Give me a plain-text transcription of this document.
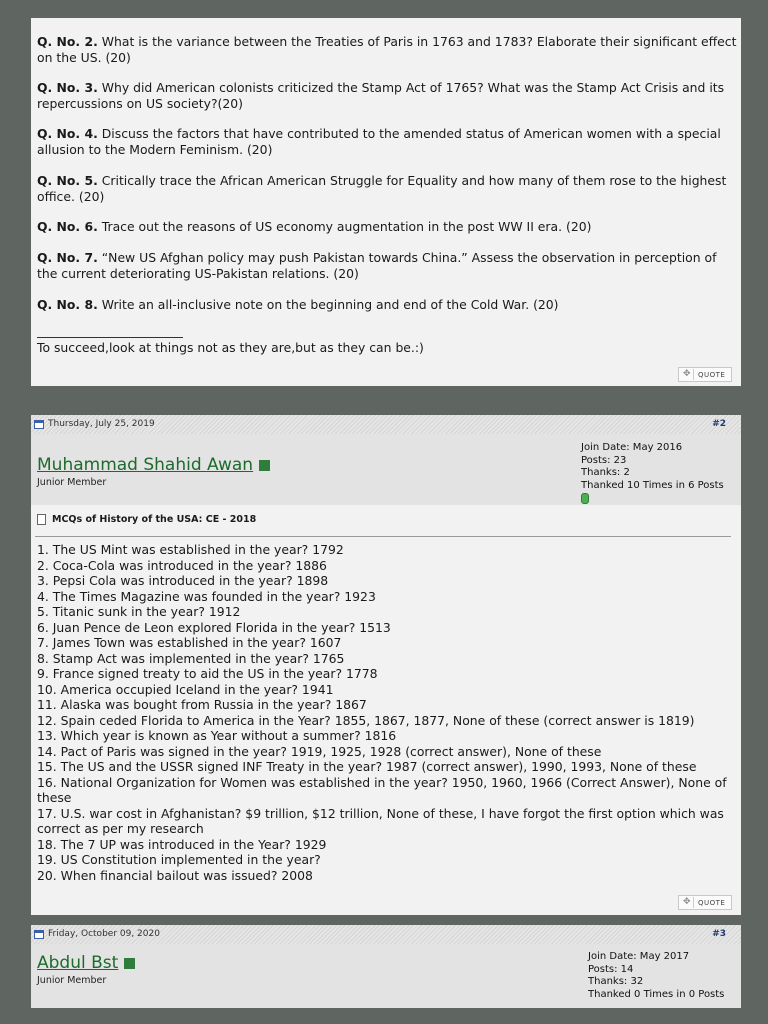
Q. No. 2. What is the variance between the Treaties of Paris in 1763 and 1783? Elaborate their significant effect on the US. (20)

Q. No. 3. Why did American colonists criticized the Stamp Act of 1765? What was the Stamp Act Crisis and its repercussions on US society?(20)

Q. No. 4. Discuss the factors that have contributed to the amended status of American women with a special allusion to the Modern Feminism. (20)

Q. No. 5. Critically trace the African American Struggle for Equality and how many of them rose to the highest office. (20)

Q. No. 6. Trace out the reasons of US economy augmentation in the post WW II era. (20)

Q. No. 7. “New US Afghan policy may push Pakistan towards China.” Assess the observation in perception of the current deteriorating US-Pakistan relations. (20)

Q. No. 8. Write an all-inclusive note on the beginning and end of the Cold War. (20)

To succeed,look at things not as they are,but as they can be.:)
✥ QUOTE
Thursday, July 25, 2019	#2
Muhammad Shahid Awan
Junior Member
Join Date: May 2016
Posts: 23
Thanks: 2
Thanked 10 Times in 6 Posts
MCQs of History of the USA: CE - 2018
1. The US Mint was established in the year? 1792
2. Coca-Cola was introduced in the year? 1886
3. Pepsi Cola was introduced in the year? 1898
4. The Times Magazine was founded in the year? 1923
5. Titanic sunk in the year? 1912
6. Juan Pence de Leon explored Florida in the year? 1513
7. James Town was established in the year? 1607
8. Stamp Act was implemented in the year? 1765
9. France signed treaty to aid the US in the year? 1778
10. America occupied Iceland in the year? 1941
11. Alaska was bought from Russia in the year? 1867
12. Spain ceded Florida to America in the Year? 1855, 1867, 1877, None of these (correct answer is 1819)
13. Which year is known as Year without a summer? 1816
14. Pact of Paris was signed in the year? 1919, 1925, 1928 (correct answer), None of these
15. The US and the USSR signed INF Treaty in the year? 1987 (correct answer), 1990, 1993, None of these
16. National Organization for Women was established in the year? 1950, 1960, 1966 (Correct Answer), None of these
17. U.S. war cost in Afghanistan? $9 trillion, $12 trillion, None of these, I have forgot the first option which was correct as per my research
18. The 7 UP was introduced in the Year? 1929
19. US Constitution implemented in the year?
20. When financial bailout was issued? 2008
✥ QUOTE
Friday, October 09, 2020	#3
Abdul Bst
Junior Member
Join Date: May 2017
Posts: 14
Thanks: 32
Thanked 0 Times in 0 Posts
